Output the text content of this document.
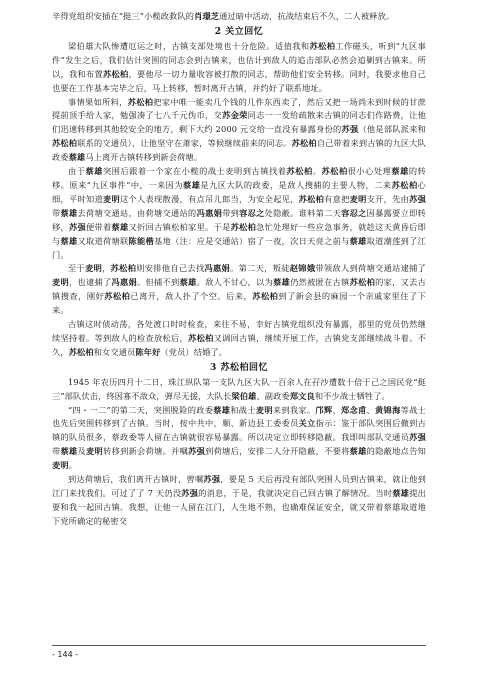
辛得党组织安插在“挺三”小榄政救队的肖璟芝通过暗中活动，抗战结束后不久，二人被释放。

2 关立回忆

梁伯雄大队惨遭厄运之时，古镇支部处境也十分危险。适值我和苏松柏工作磁头，听到“九区事件”发生之后，我们估计突围的同志会到古镇来，也估计到敌人的追击部队必然会追剿到古镇来。所以，我和布置苏松柏，要他尽一切力量收容被打散的同志，帮助他们安全转移。同时，我要求他自己也要在工作基本完毕之后，马上转移，暂时离开古镇，并约好了联系地址。

事情果如所料，苏松柏把家中唯一能卖几个钱的几件东西卖了，然后又把一场尚未到时候的甘蔗提前顶手给人家，勉强凑了七八千元伪币，交苏金荣同志一一发给疏散来古镇的同志们作路费，让他们迅速转移到其他较安全的地方，剩下大约 2000 元交给一直没有暴露身份的苏强（他是部队派来和苏松柏联系的交通员），让他坚守在萧家，等候继续前来的同志。苏松柏自己带着来到古镇的九区大队政委蔡雄马上离开古镇转移到新会荷塘。

由于蔡雄突围后跟着一个家在小榄的战士麦明到古镇找着苏松柏。苏松柏很小心处理蔡雄的转移。原来“九区事件”中，一来因为蔡雄是九区大队的政委，是敌人搜捕的主要人物，二来苏松柏心细，平时知道麦明这个人表现散漫，有点吊儿郎当，为安全起见，苏松柏有意把麦明支开，先由苏强带蔡雄去荷塘交通站，由荷塘交通站的冯惠娟带到容忍之处隐蔽。谁料第二天容忍之因暴露要立即转移，苏强便带着蔡雄又折回古镇松柏家里。于是苏松柏急忙处理好一些应急事务，就趁这天黄昏后即与蔡雄又取道荷塘联陈能楷基地（注：应是交通站）宿了一夜，次日天亮之前与蔡雄取道潮莲到了江门。

至于麦明，苏松柏则安排他自己去找冯惠娟。第二天，叛徒赵锦娥带领敌人到荷塘交通站逮捕了麦明，也逮捕了冯惠娟。但捕不到蔡雄。敌人不甘心，以为蔡雄仍然被匿在古镇苏松柏的家，又去古镇搜查，刚好苏松柏已离开，敌人扑了个空。后来，苏松柏到了新会县的麻园一个亲戚家里住了下来。

古镇这时侦动荡，各处渡口时时检查，来往不易，幸好古镇党组织没有暴露，那里的党员仍然继续坚持着。等到敌人的检查放松后，苏松柏又调回古镇，继续开展工作，古镇党支部继续战斗着。不久，苏松柏和女交通员陈年好（党员）结婚了。

3 苏松柏回忆

1945 年农历四月十二日，珠江纵队第一支队九区大队一百余人在孖沙遭数十倍于己之国民党“挺三”部队伏击，终因寡不敌众，弹尽无援，大队长梁伯雄、副政委郑文良和不少战士牺牲了。

“四・一二”的第二天，突围脱险的政委蔡雄和战士麦明来到我家。邝辉、郑念甫、黄锦海等战士也先后突围转移到了古镇。当时，按中共中、顺、新边县工委委员关立指示：鉴于部队突围后撤到古镇的队员很多，蔡政委等人留在古镇就很容易暴露。所以决定立即转移隐蔽。我即叫部队交通员苏强带蔡雄及麦明转移到新会荷塘。并嘱苏强到荷塘后，安排二人分开隐蔽，不要将蔡雄的隐蔽地点告知麦明。

到达荷塘后，我们离开古镇时，曾嘱苏强，要是 5 天后再没有部队突围人员到古镇来，就让他到江门来找我们。可过了了 7 天仍没苏强的消息，于是，我就决定自己回古镇了解情况。当时蔡雄提出要和我一起回古镇。我想，让他一人留在江门，人生地不熟，也确难保证安全，就又带着蔡雄取道地下党所确定的秘密交

- 144 -
